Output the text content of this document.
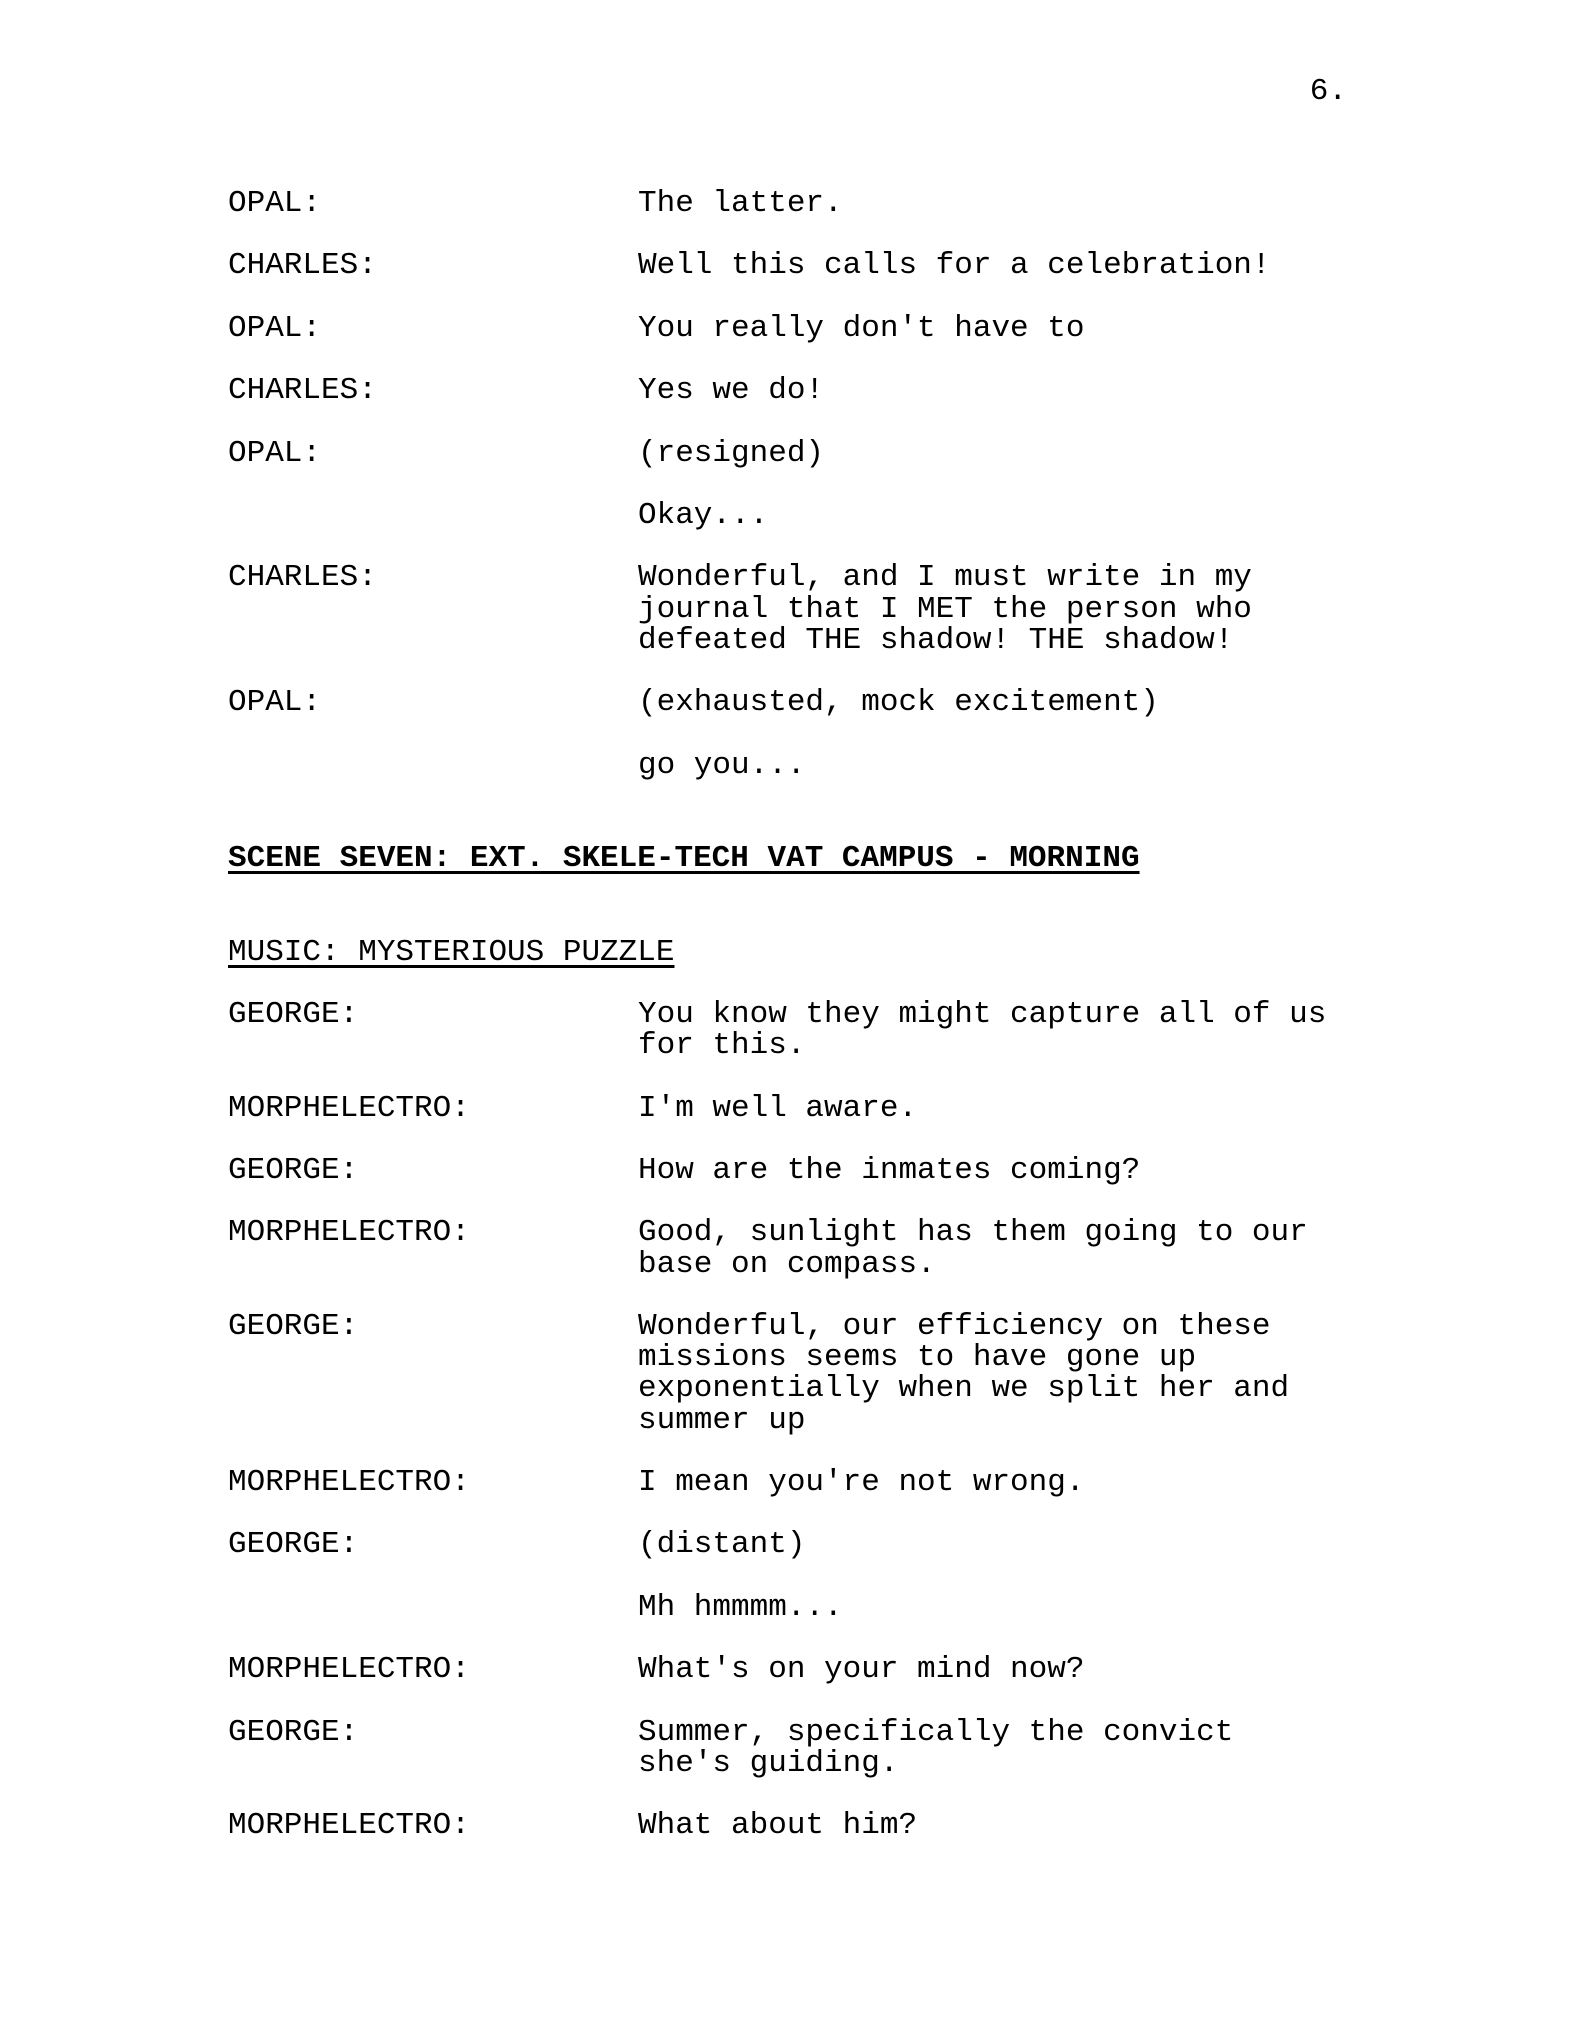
6.
OPAL:	The latter.
CHARLES:	Well this calls for a celebration!
OPAL:	You really don't have to
CHARLES:	Yes we do!
OPAL:	(resigned)
Okay...
CHARLES:	Wonderful, and I must write in my
journal that I MET the person who
defeated THE shadow! THE shadow!
OPAL:	(exhausted, mock excitement)
go you...
SCENE SEVEN: EXT. SKELE-TECH VAT CAMPUS - MORNING
MUSIC: MYSTERIOUS PUZZLE
GEORGE:	You know they might capture all of us
for this.
MORPHELECTRO:	I'm well aware.
GEORGE:	How are the inmates coming?
MORPHELECTRO:	Good, sunlight has them going to our
base on compass.
GEORGE:	Wonderful, our efficiency on these
missions seems to have gone up
exponentially when we split her and
summer up
MORPHELECTRO:	I mean you're not wrong.
GEORGE:	(distant)
Mh hmmmm...
MORPHELECTRO:	What's on your mind now?
GEORGE:	Summer, specifically the convict
she's guiding.
MORPHELECTRO:	What about him?
